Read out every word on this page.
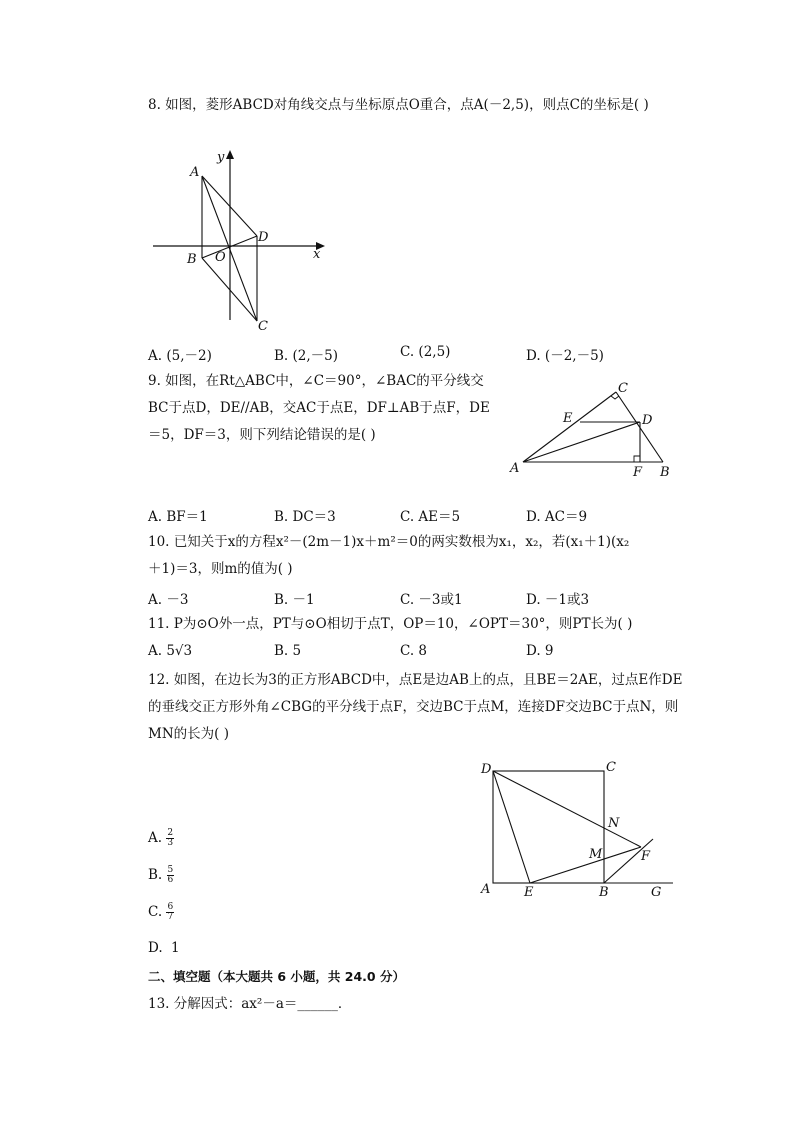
8. 如图，菱形ABCD对角线交点与坐标原点O重合，点A(－2,5)，则点C的坐标是( )
y
x
A
B O
D
C
A. (5,－2)	B. (2,－5)	C. (2,5)	D. (－2,－5)
9. 如图，在Rt△ABC中，∠C＝90°，∠BAC的平分线交
BC于点D，DE//AB，交AC于点E，DF⊥AB于点F，DE
＝5，DF＝3，则下列结论错误的是( )
C
E	D
A	F B
A. BF＝1	B. DC＝3	C. AE＝5	D. AC＝9
10. 已知关于x的方程x²－(2m－1)x＋m²＝0的两实数根为x₁，x₂，若(x₁＋1)(x₂
＋1)＝3，则m的值为( )
A. －3	B. －1	C. －3或1	D. －1或3
11. P为⊙O外一点，PT与⊙O相切于点T，OP＝10，∠OPT＝30°，则PT长为( )
A. 5√3	B. 5	C. 8	D. 9
12. 如图，在边长为3的正方形ABCD中，点E是边AB上的点，且BE＝2AE，过点E作DE
的垂线交正方形外角∠CBG的平分线于点F，交边BC于点M，连接DF交边BC于点N，则
MN的长为( )
D	C
N
M	F
A	E	B	G
A. $\frac{2}{3}$
B. $\frac{5}{6}$
C. $\frac{6}{7}$
D. 1
二、填空题（本大题共 6 小题，共 24.0 分）
13. 分解因式：ax²－a＝______．
